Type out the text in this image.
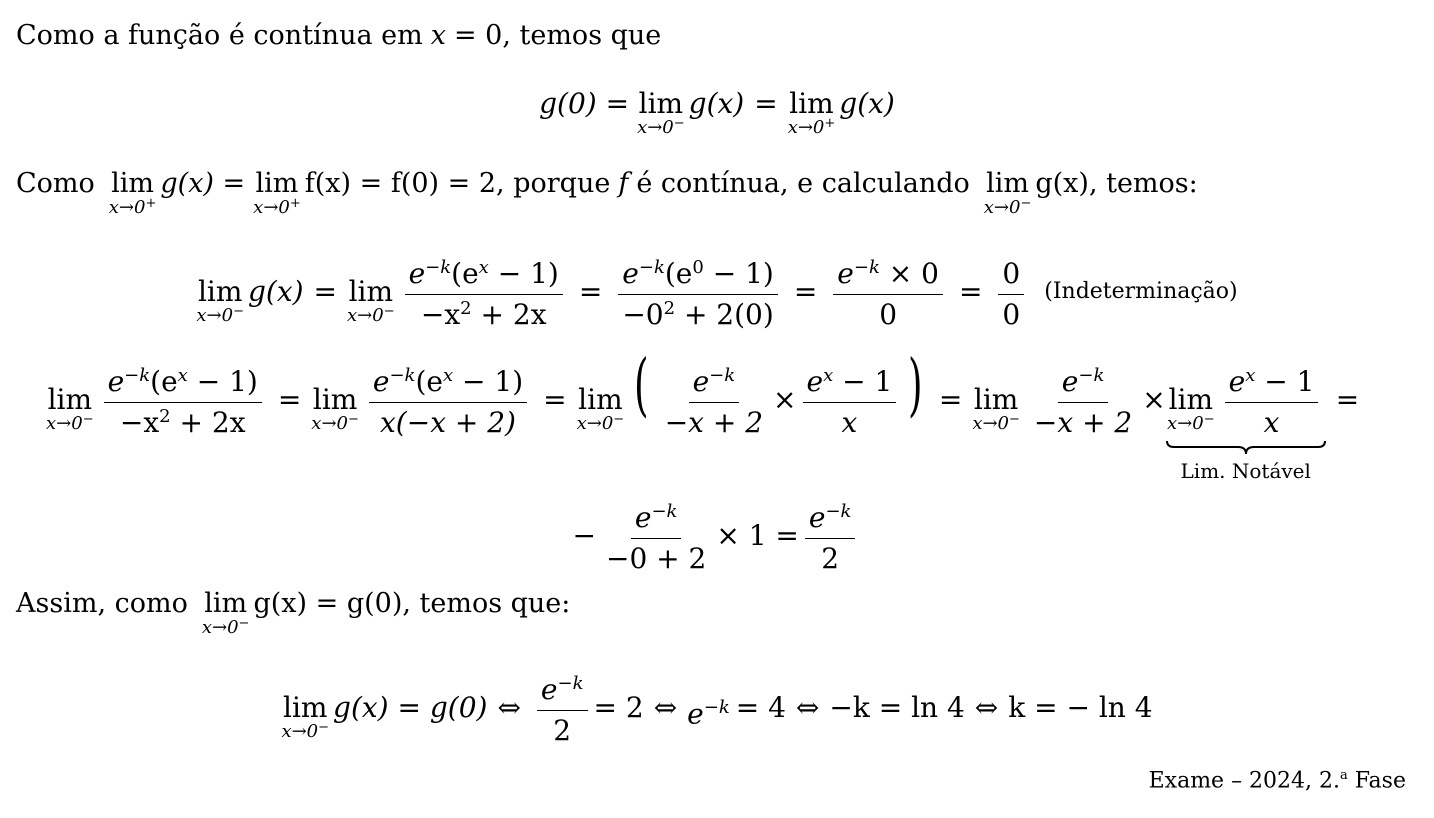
Como a função é contínua em x = 0, temos que
g(0) = lim
x→0−
g(x) = lim
x→0+
g(x)
Como lim
x→0+
g(x) = lim
x→0+
f(x) = f(0) = 2, porque f é contínua, e calculando lim
x→0−
g(x), temos:
lim
x→0−
g(x) = lim
$x\to 0^- \frac{e^{-k}(e^x - 1)}{-x^2 + 2x} = \frac{e^{-k}(e^0 - 1)}{-0^2 + 2(0)} = \frac{e^{-k} \times 0}{0} = \frac{0}{0}$ (Indeterminação)
lim
$x\to 0^- \frac{e^{-k}(e^x - 1)}{-x^2 + 2x} = \lim$
$x\to 0^- \frac{e^{-k}(e^x - 1)}{x(-x + 2)} = \lim$
x→0− ( $\frac{e^{-k}}{-x + 2} \times \frac{e^x - 1}{x}$ ) = lim
$x\to 0^- \frac{e^{-k}}{-x + 2} \times \lim$
$x\to 0^- \frac{e^x - 1}{x}$
Lim. Notável
=
− $\frac{e^{-k}}{-0 + 2} \times 1 = \frac{e^{-k}}{2}$
Assim, como lim
x→0−
g(x) = g(0), temos que:
lim
x→0−
g(x) = g(0) ⇔ $\frac{e^{-k}}{2} = 2$ ⇔ $e^{-k} = 4$ ⇔ −k = ln 4 ⇔ k = − ln 4
Exame – 2024, 2.$^a$ Fase
